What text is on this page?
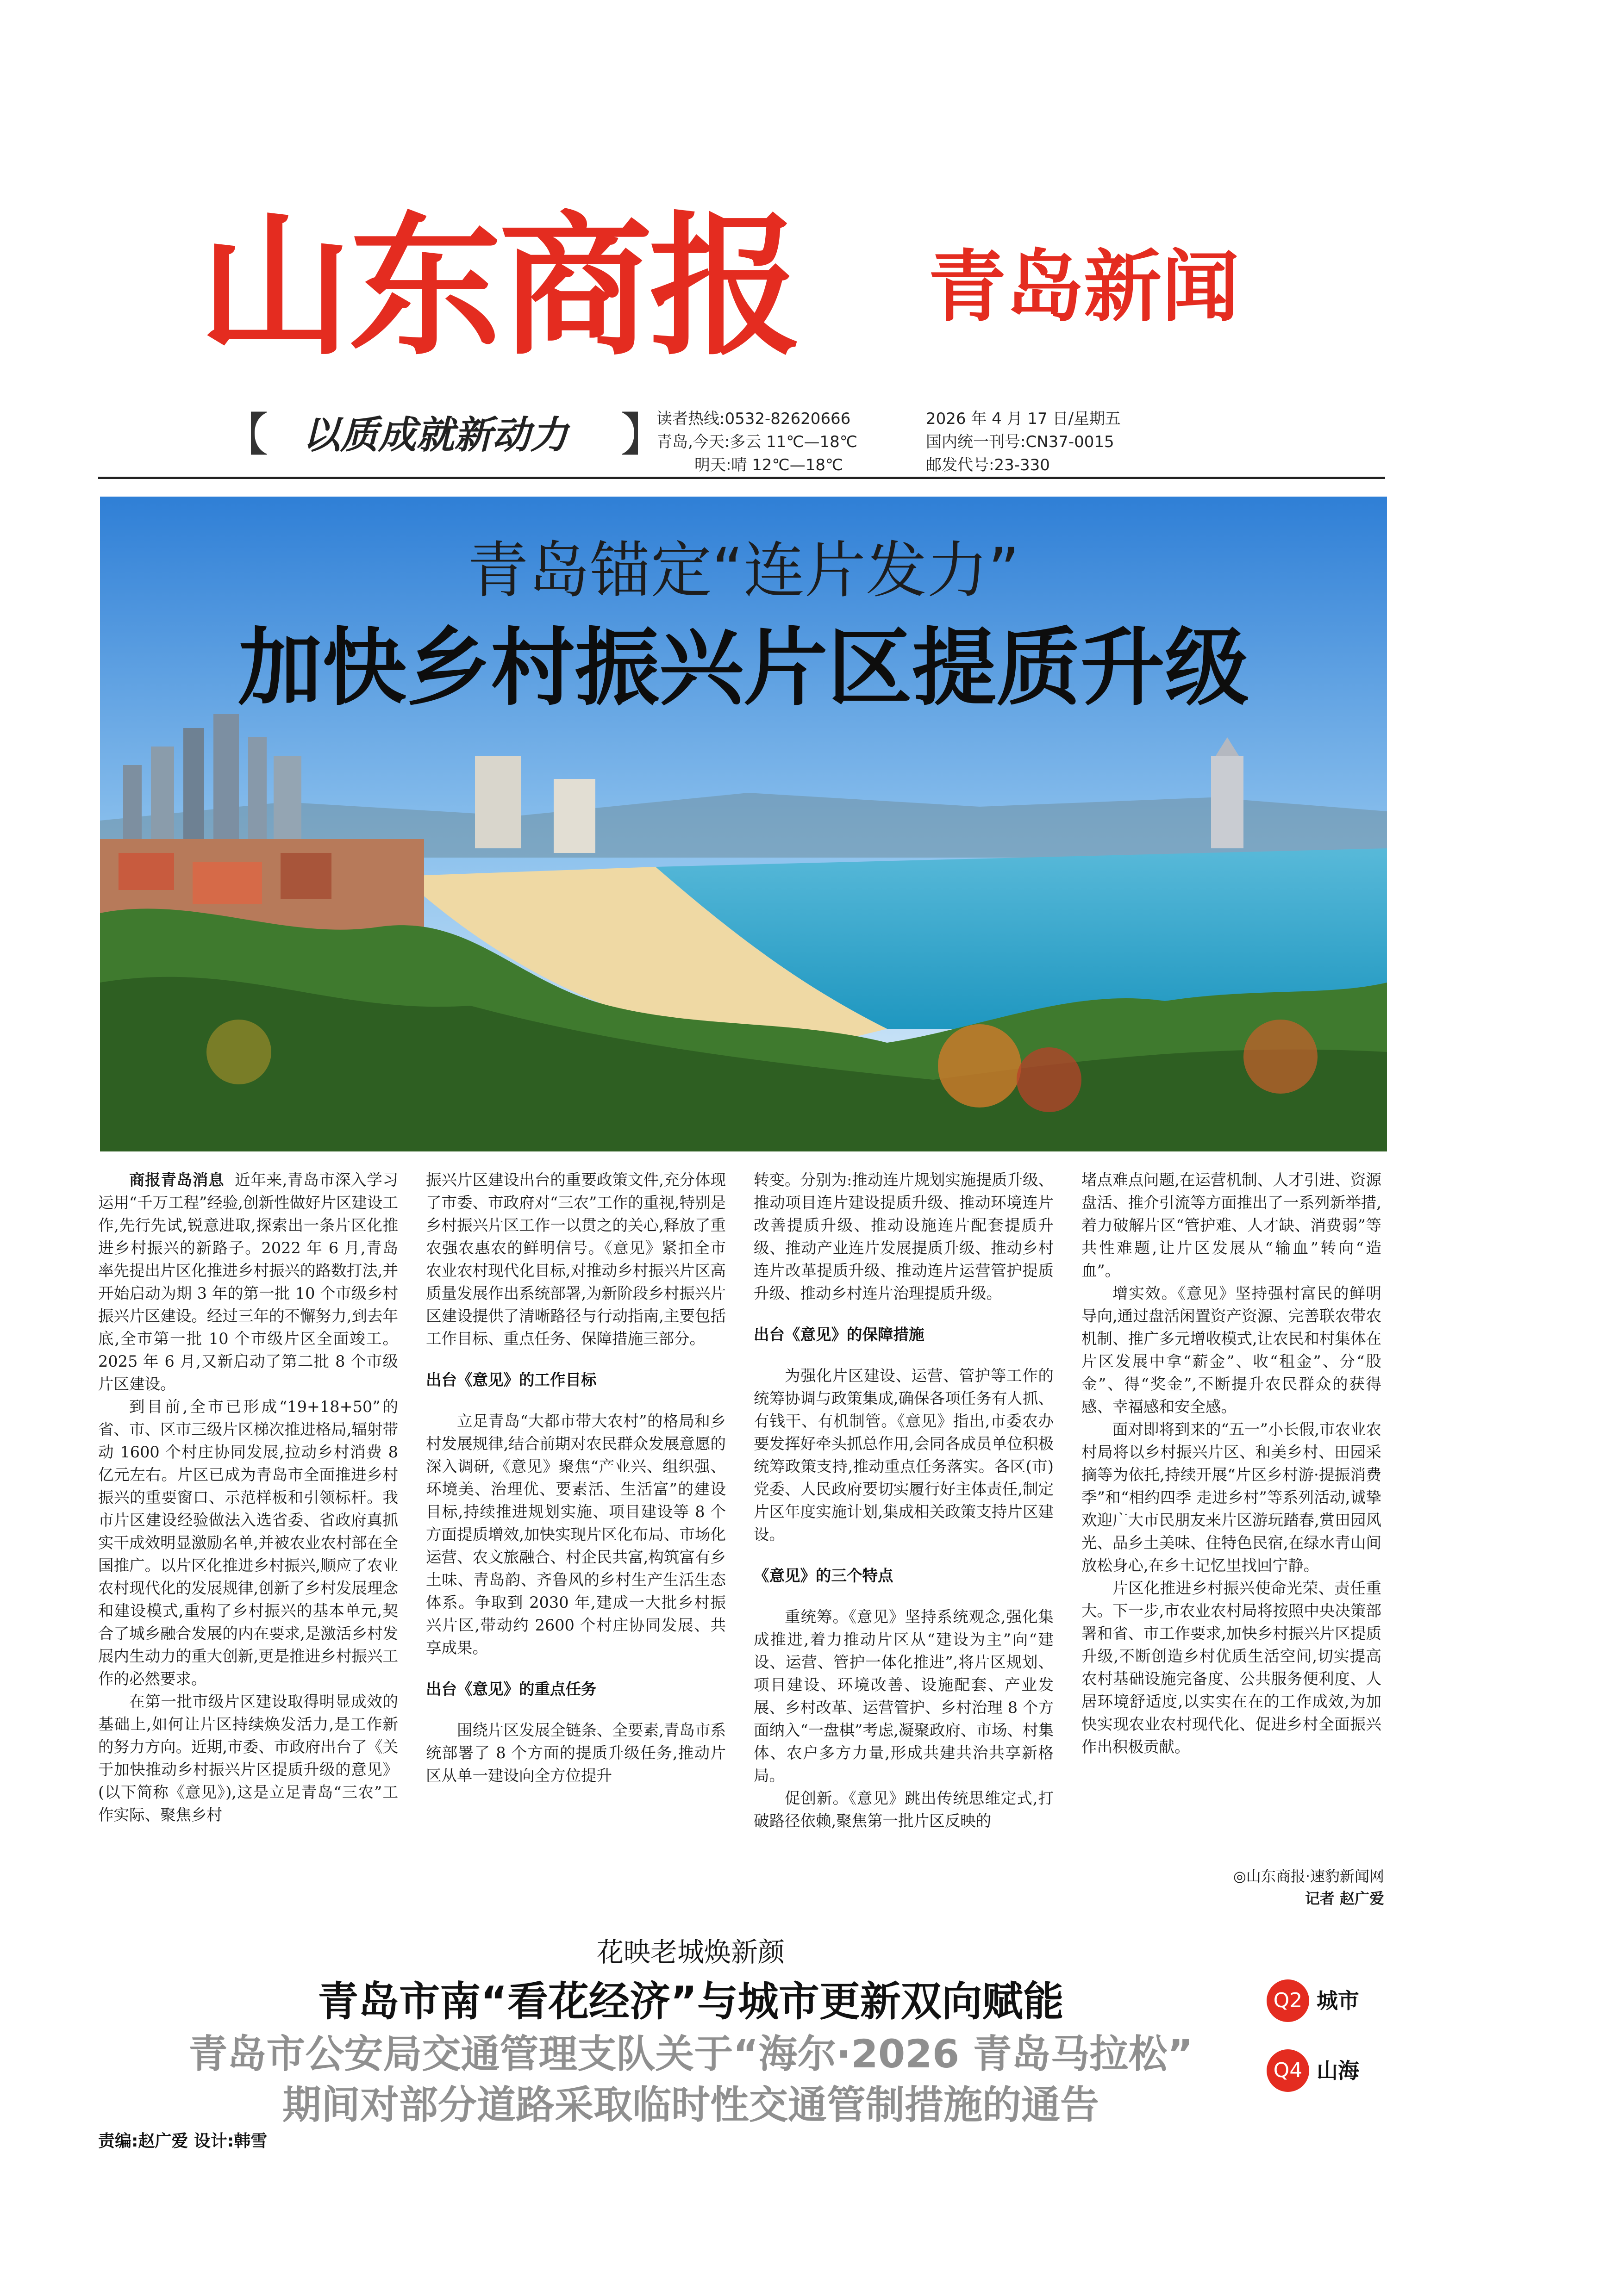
山东商报	青岛新闻
【 以质成就新动力	】
读者热线:0532-82620666
青岛,今天:多云 11℃—18℃
明天:晴 12℃—18℃
2026 年 4 月 17 日/星期五
国内统一刊号:CN37-0015
邮发代号:23-330
青岛锚定“连片发力”
加快乡村振兴片区提质升级

商报青岛消息 近年来,青岛市深入学习运用“千万工程”经验,创新性做好片区建设工作,先行先试,锐意进取,探索出一条片区化推进乡村振兴的新路子。2022 年 6 月,青岛率先提出片区化推进乡村振兴的路数打法,并开始启动为期 3 年的第一批 10 个市级乡村振兴片区建设。经过三年的不懈努力,到去年底,全市第一批 10 个市级片区全面竣工。2025 年 6 月,又新启动了第二批 8 个市级片区建设。

到目前,全市已形成“19+18+50”的省、市、区市三级片区梯次推进格局,辐射带动 1600 个村庄协同发展,拉动乡村消费 8 亿元左右。片区已成为青岛市全面推进乡村振兴的重要窗口、示范样板和引领标杆。我市片区建设经验做法入选省委、省政府真抓实干成效明显激励名单,并被农业农村部在全国推广。以片区化推进乡村振兴,顺应了农业农村现代化的发展规律,创新了乡村发展理念和建设模式,重构了乡村振兴的基本单元,契合了城乡融合发展的内在要求,是激活乡村发展内生动力的重大创新,更是推进乡村振兴工作的必然要求。

在第一批市级片区建设取得明显成效的基础上,如何让片区持续焕发活力,是工作新的努力方向。近期,市委、市政府出台了《关于加快推动乡村振兴片区提质升级的意见》(以下简称《意见》),这是立足青岛“三农”工作实际、聚焦乡村

振兴片区建设出台的重要政策文件,充分体现了市委、市政府对“三农”工作的重视,特别是乡村振兴片区工作一以贯之的关心,释放了重农强农惠农的鲜明信号。《意见》紧扣全市农业农村现代化目标,对推动乡村振兴片区高质量发展作出系统部署,为新阶段乡村振兴片区建设提供了清晰路径与行动指南,主要包括工作目标、重点任务、保障措施三部分。

出台《意见》的工作目标

立足青岛“大都市带大农村”的格局和乡村发展规律,结合前期对农民群众发展意愿的深入调研,《意见》聚焦“产业兴、组织强、环境美、治理优、要素活、生活富”的建设目标,持续推进规划实施、项目建设等 8 个方面提质增效,加快实现片区化布局、市场化运营、农文旅融合、村企民共富,构筑富有乡土味、青岛韵、齐鲁风的乡村生产生活生态体系。争取到 2030 年,建成一大批乡村振兴片区,带动约 2600 个村庄协同发展、共享成果。

出台《意见》的重点任务

围绕片区发展全链条、全要素,青岛市系统部署了 8 个方面的提质升级任务,推动片区从单一建设向全方位提升

转变。分别为:推动连片规划实施提质升级、推动项目连片建设提质升级、推动环境连片改善提质升级、推动设施连片配套提质升级、推动产业连片发展提质升级、推动乡村连片改革提质升级、推动连片运营管护提质升级、推动乡村连片治理提质升级。

出台《意见》的保障措施

为强化片区建设、运营、管护等工作的统筹协调与政策集成,确保各项任务有人抓、有钱干、有机制管。《意见》指出,市委农办要发挥好牵头抓总作用,会同各成员单位积极统筹政策支持,推动重点任务落实。各区(市)党委、人民政府要切实履行好主体责任,制定片区年度实施计划,集成相关政策支持片区建设。

《意见》的三个特点

重统筹。《意见》坚持系统观念,强化集成推进,着力推动片区从“建设为主”向“建设、运营、管护一体化推进”,将片区规划、项目建设、环境改善、设施配套、产业发展、乡村改革、运营管护、乡村治理 8 个方面纳入“一盘棋”考虑,凝聚政府、市场、村集体、农户多方力量,形成共建共治共享新格局。

促创新。《意见》跳出传统思维定式,打破路径依赖,聚焦第一批片区反映的

堵点难点问题,在运营机制、人才引进、资源盘活、推介引流等方面推出了一系列新举措,着力破解片区“管护难、人才缺、消费弱”等共性难题,让片区发展从“输血”转向“造血”。

增实效。《意见》坚持强村富民的鲜明导向,通过盘活闲置资产资源、完善联农带农机制、推广多元增收模式,让农民和村集体在片区发展中拿“薪金”、收“租金”、分“股金”、得“奖金”,不断提升农民群众的获得感、幸福感和安全感。

面对即将到来的“五一”小长假,市农业农村局将以乡村振兴片区、和美乡村、田园采摘等为依托,持续开展“片区乡村游·提振消费季”和“相约四季 走进乡村”等系列活动,诚挚欢迎广大市民朋友来片区游玩踏春,赏田园风光、品乡土美味、住特色民宿,在绿水青山间放松身心,在乡土记忆里找回宁静。

片区化推进乡村振兴使命光荣、责任重大。下一步,市农业农村局将按照中央决策部署和省、市工作要求,加快乡村振兴片区提质升级,不断创造乡村优质生活空间,切实提高农村基础设施完备度、公共服务便利度、人居环境舒适度,以实实在在的工作成效,为加快实现农业农村现代化、促进乡村全面振兴作出积极贡献。

◎山东商报·速豹新闻网
记者 赵广爱
花映老城焕新颜
青岛市南“看花经济”与城市更新双向赋能
青岛市公安局交通管理支队关于“海尔·2026 青岛马拉松”
期间对部分道路采取临时性交通管制措施的通告
Q2 城市
Q4 山海
责编:赵广爱 设计:韩雪
